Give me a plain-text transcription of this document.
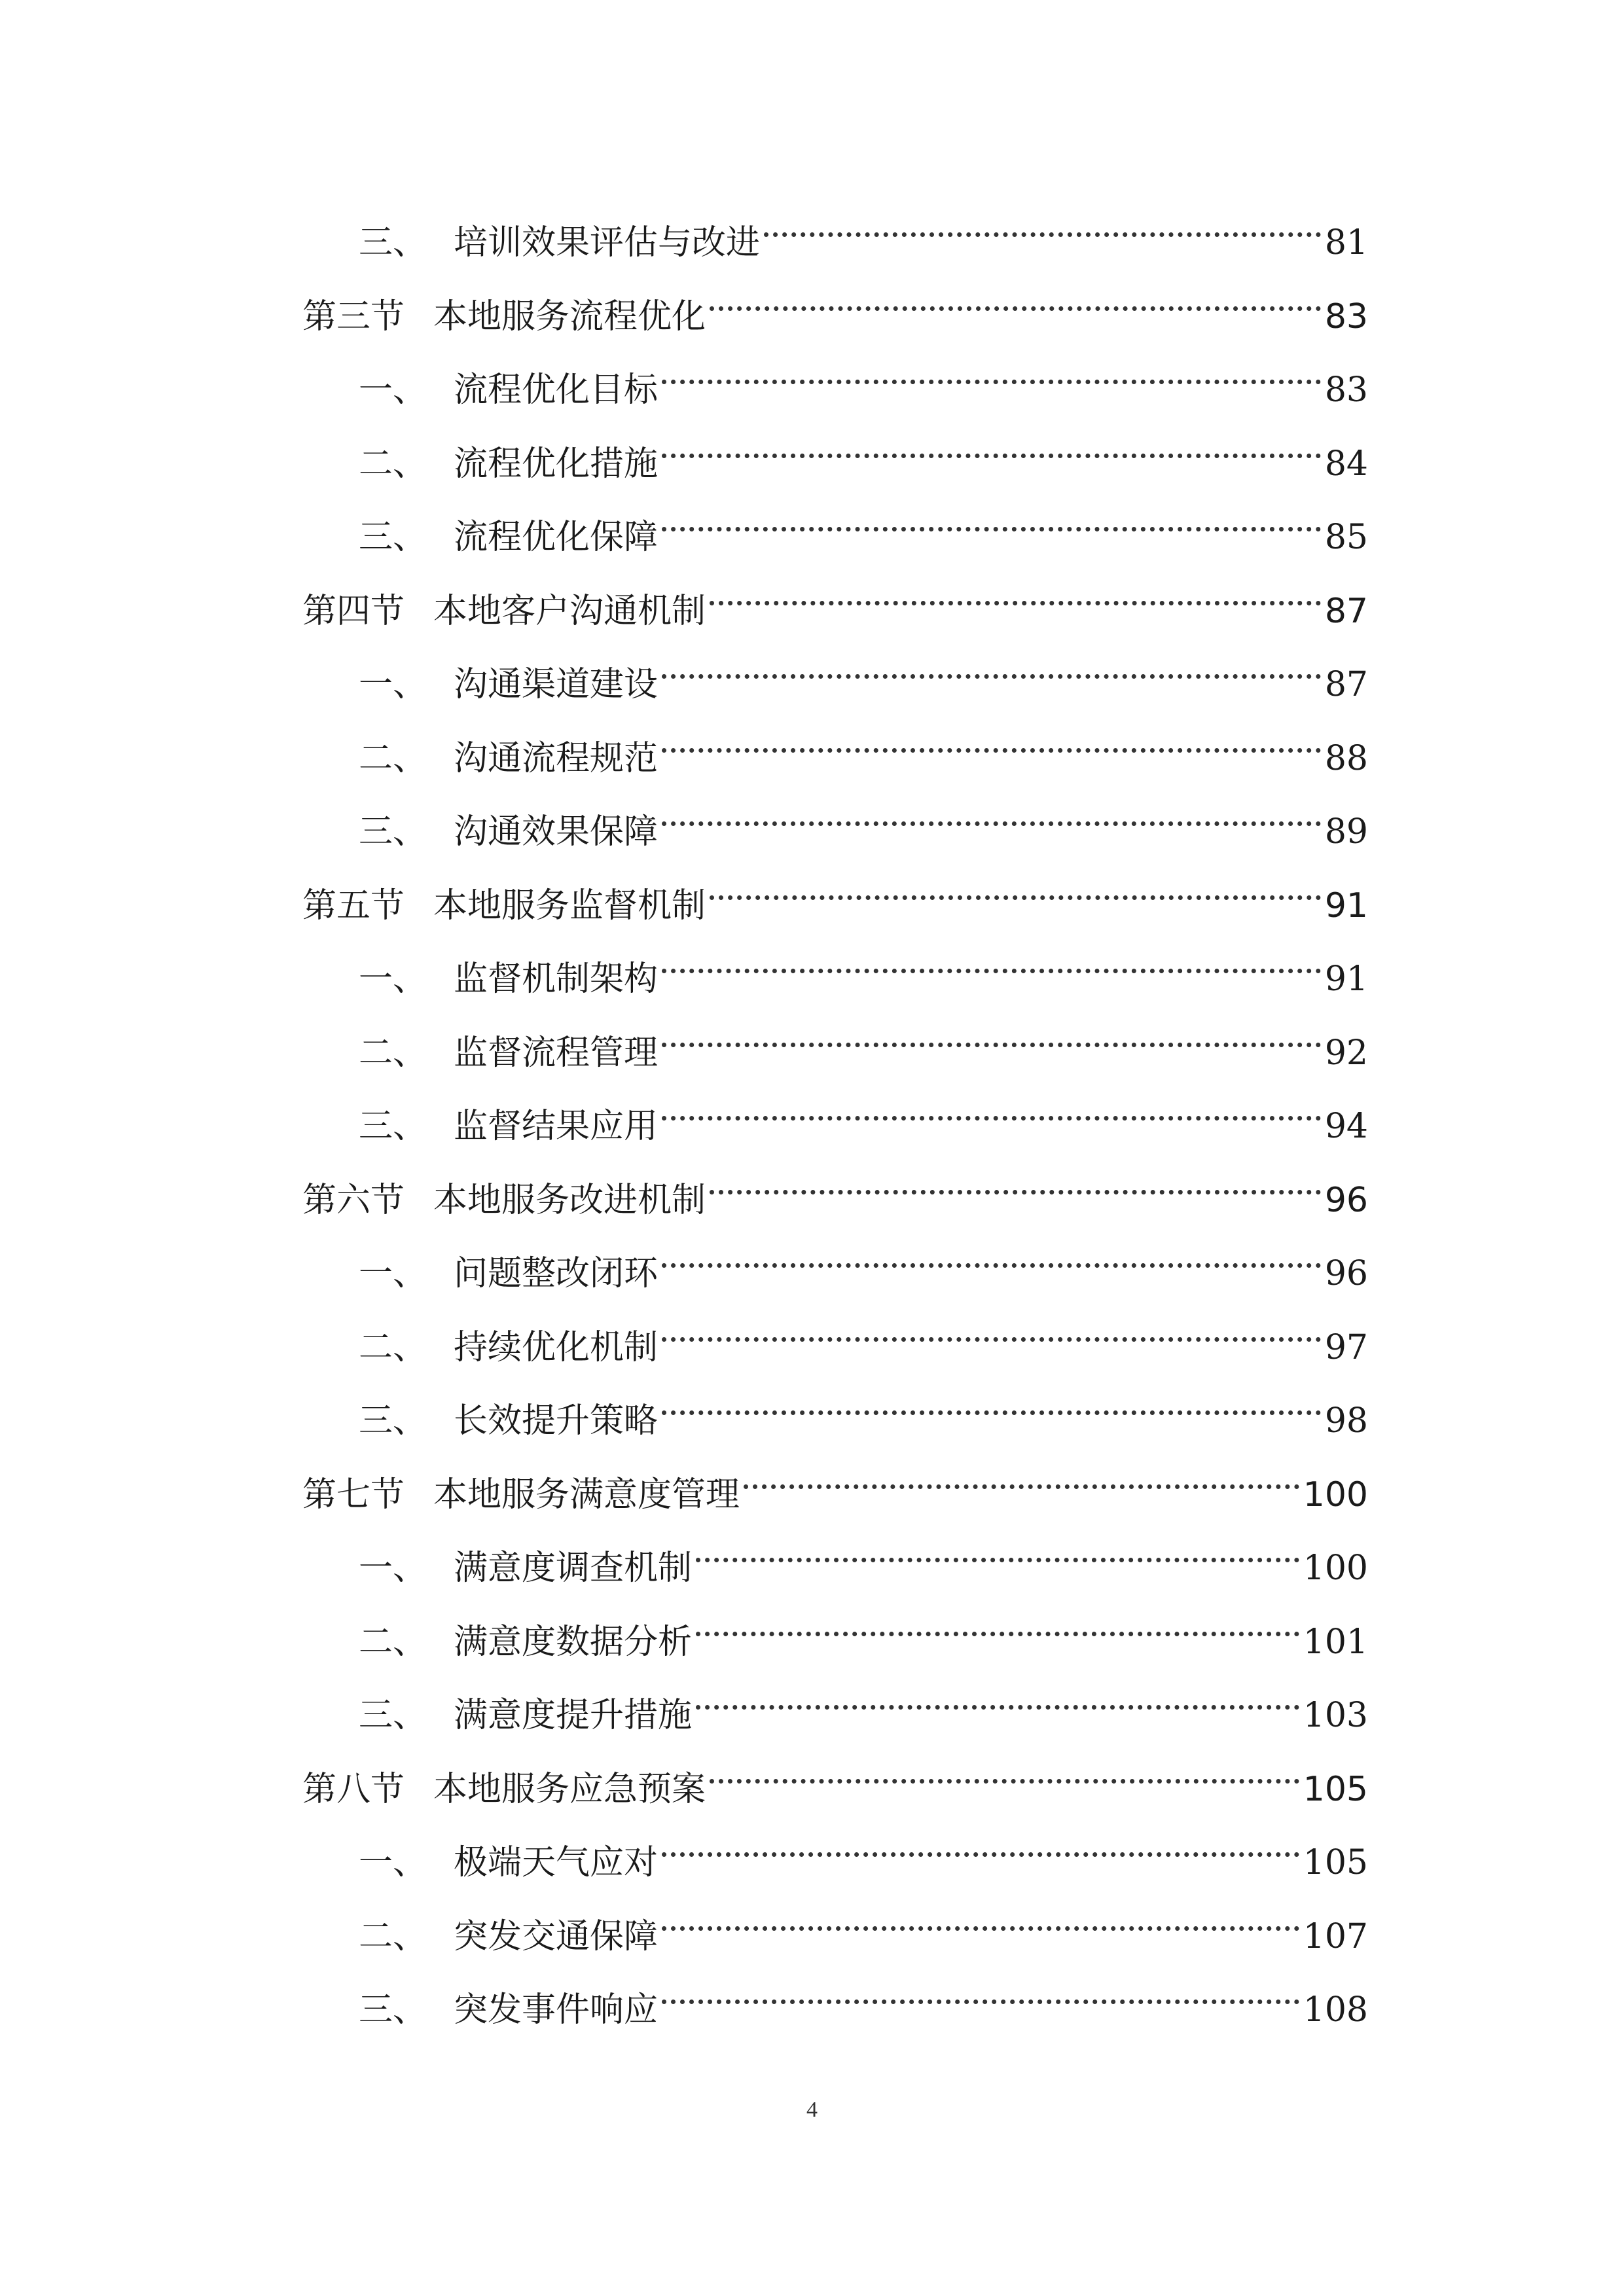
三、 培训效果评估与改进	81
第三节 本地服务流程优化	83
一、 流程优化目标	83
二、 流程优化措施	84
三、 流程优化保障	85
第四节 本地客户沟通机制	87
一、 沟通渠道建设	87
二、 沟通流程规范	88
三、 沟通效果保障	89
第五节 本地服务监督机制	91
一、 监督机制架构	91
二、 监督流程管理	92
三、 监督结果应用	94
第六节 本地服务改进机制	96
一、 问题整改闭环	96
二、 持续优化机制	97
三、 长效提升策略	98
第七节 本地服务满意度管理	100
一、 满意度调查机制	100
二、 满意度数据分析	101
三、 满意度提升措施	103
第八节 本地服务应急预案	105
一、 极端天气应对	105
二、 突发交通保障	107
三、 突发事件响应	108
4
